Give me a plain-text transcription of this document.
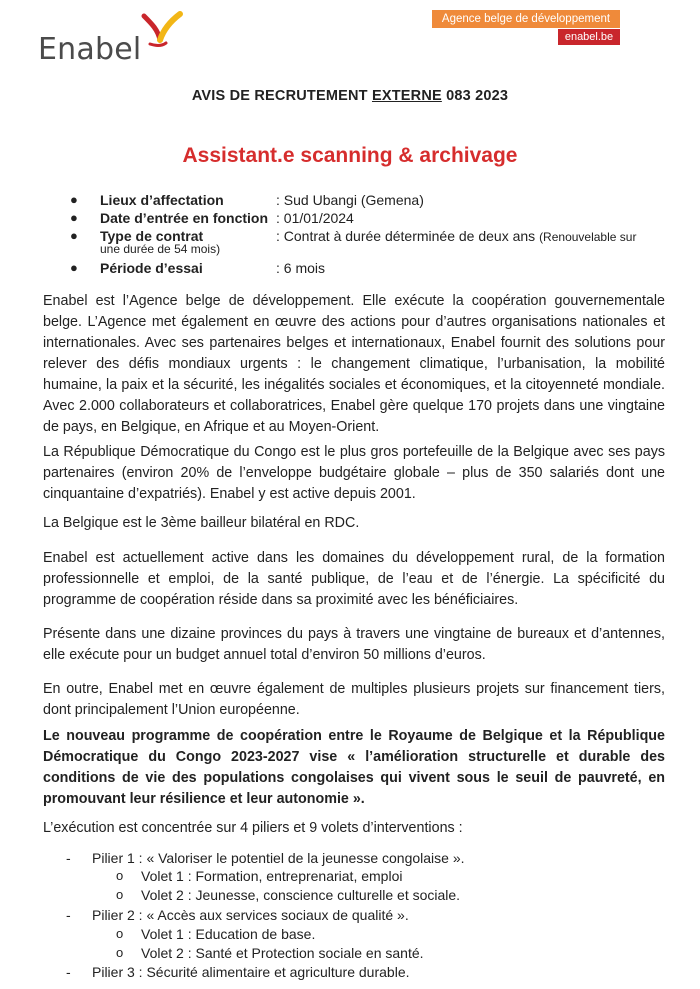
Enabel
Agence belge de développement
enabel.be
AVIS DE RECRUTEMENT EXTERNE 083 2023
Assistant.e scanning & archivage
● Lieux d’affectation	: Sud Ubangi (Gemena)
● Date d’entrée en fonction : 01/01/2024
● Type de contrat	: Contrat à durée déterminée de deux ans (Renouvelable sur
une durée de 54 mois)
● Période d’essai	: 6 mois

Enabel est l’Agence belge de développement. Elle exécute la coopération gouvernementale belge. L’Agence met également en œuvre des actions pour d’autres organisations nationales et internationales. Avec ses partenaires belges et internationaux, Enabel fournit des solutions pour relever des défis mondiaux urgents : le changement climatique, l’urbanisation, la mobilité humaine, la paix et la sécurité, les inégalités sociales et économiques, et la citoyenneté mondiale. Avec 2.000 collaborateurs et collaboratrices, Enabel gère quelque 170 projets dans une vingtaine de pays, en Belgique, en Afrique et au Moyen-Orient.

La République Démocratique du Congo est le plus gros portefeuille de la Belgique avec ses pays partenaires (environ 20% de l’enveloppe budgétaire globale – plus de 350 salariés dont une cinquantaine d’expatriés). Enabel y est active depuis 2001.

La Belgique est le 3ème bailleur bilatéral en RDC.

Enabel est actuellement active dans les domaines du développement rural, de la formation professionnelle et emploi, de la santé publique, de l’eau et de l’énergie. La spécificité du programme de coopération réside dans sa proximité avec les bénéficiaires.

Présente dans une dizaine provinces du pays à travers une vingtaine de bureaux et d’antennes, elle exécute pour un budget annuel total d’environ 50 millions d’euros.

En outre, Enabel met en œuvre également de multiples plusieurs projets sur financement tiers, dont principalement l’Union européenne.

Le nouveau programme de coopération entre le Royaume de Belgique et la République Démocratique du Congo 2023-2027 vise « l’amélioration structurelle et durable des conditions de vie des populations congolaises qui vivent sous le seuil de pauvreté, en promouvant leur résilience et leur autonomie ».

L’exécution est concentrée sur 4 piliers et 9 volets d’interventions :

- Pilier 1 : « Valoriser le potentiel de la jeunesse congolaise ».
o Volet 1 : Formation, entreprenariat, emploi
o Volet 2 : Jeunesse, conscience culturelle et sociale.
- Pilier 2 : « Accès aux services sociaux de qualité ».
o Volet 1 : Education de base.
o Volet 2 : Santé et Protection sociale en santé.
- Pilier 3 : Sécurité alimentaire et agriculture durable.
